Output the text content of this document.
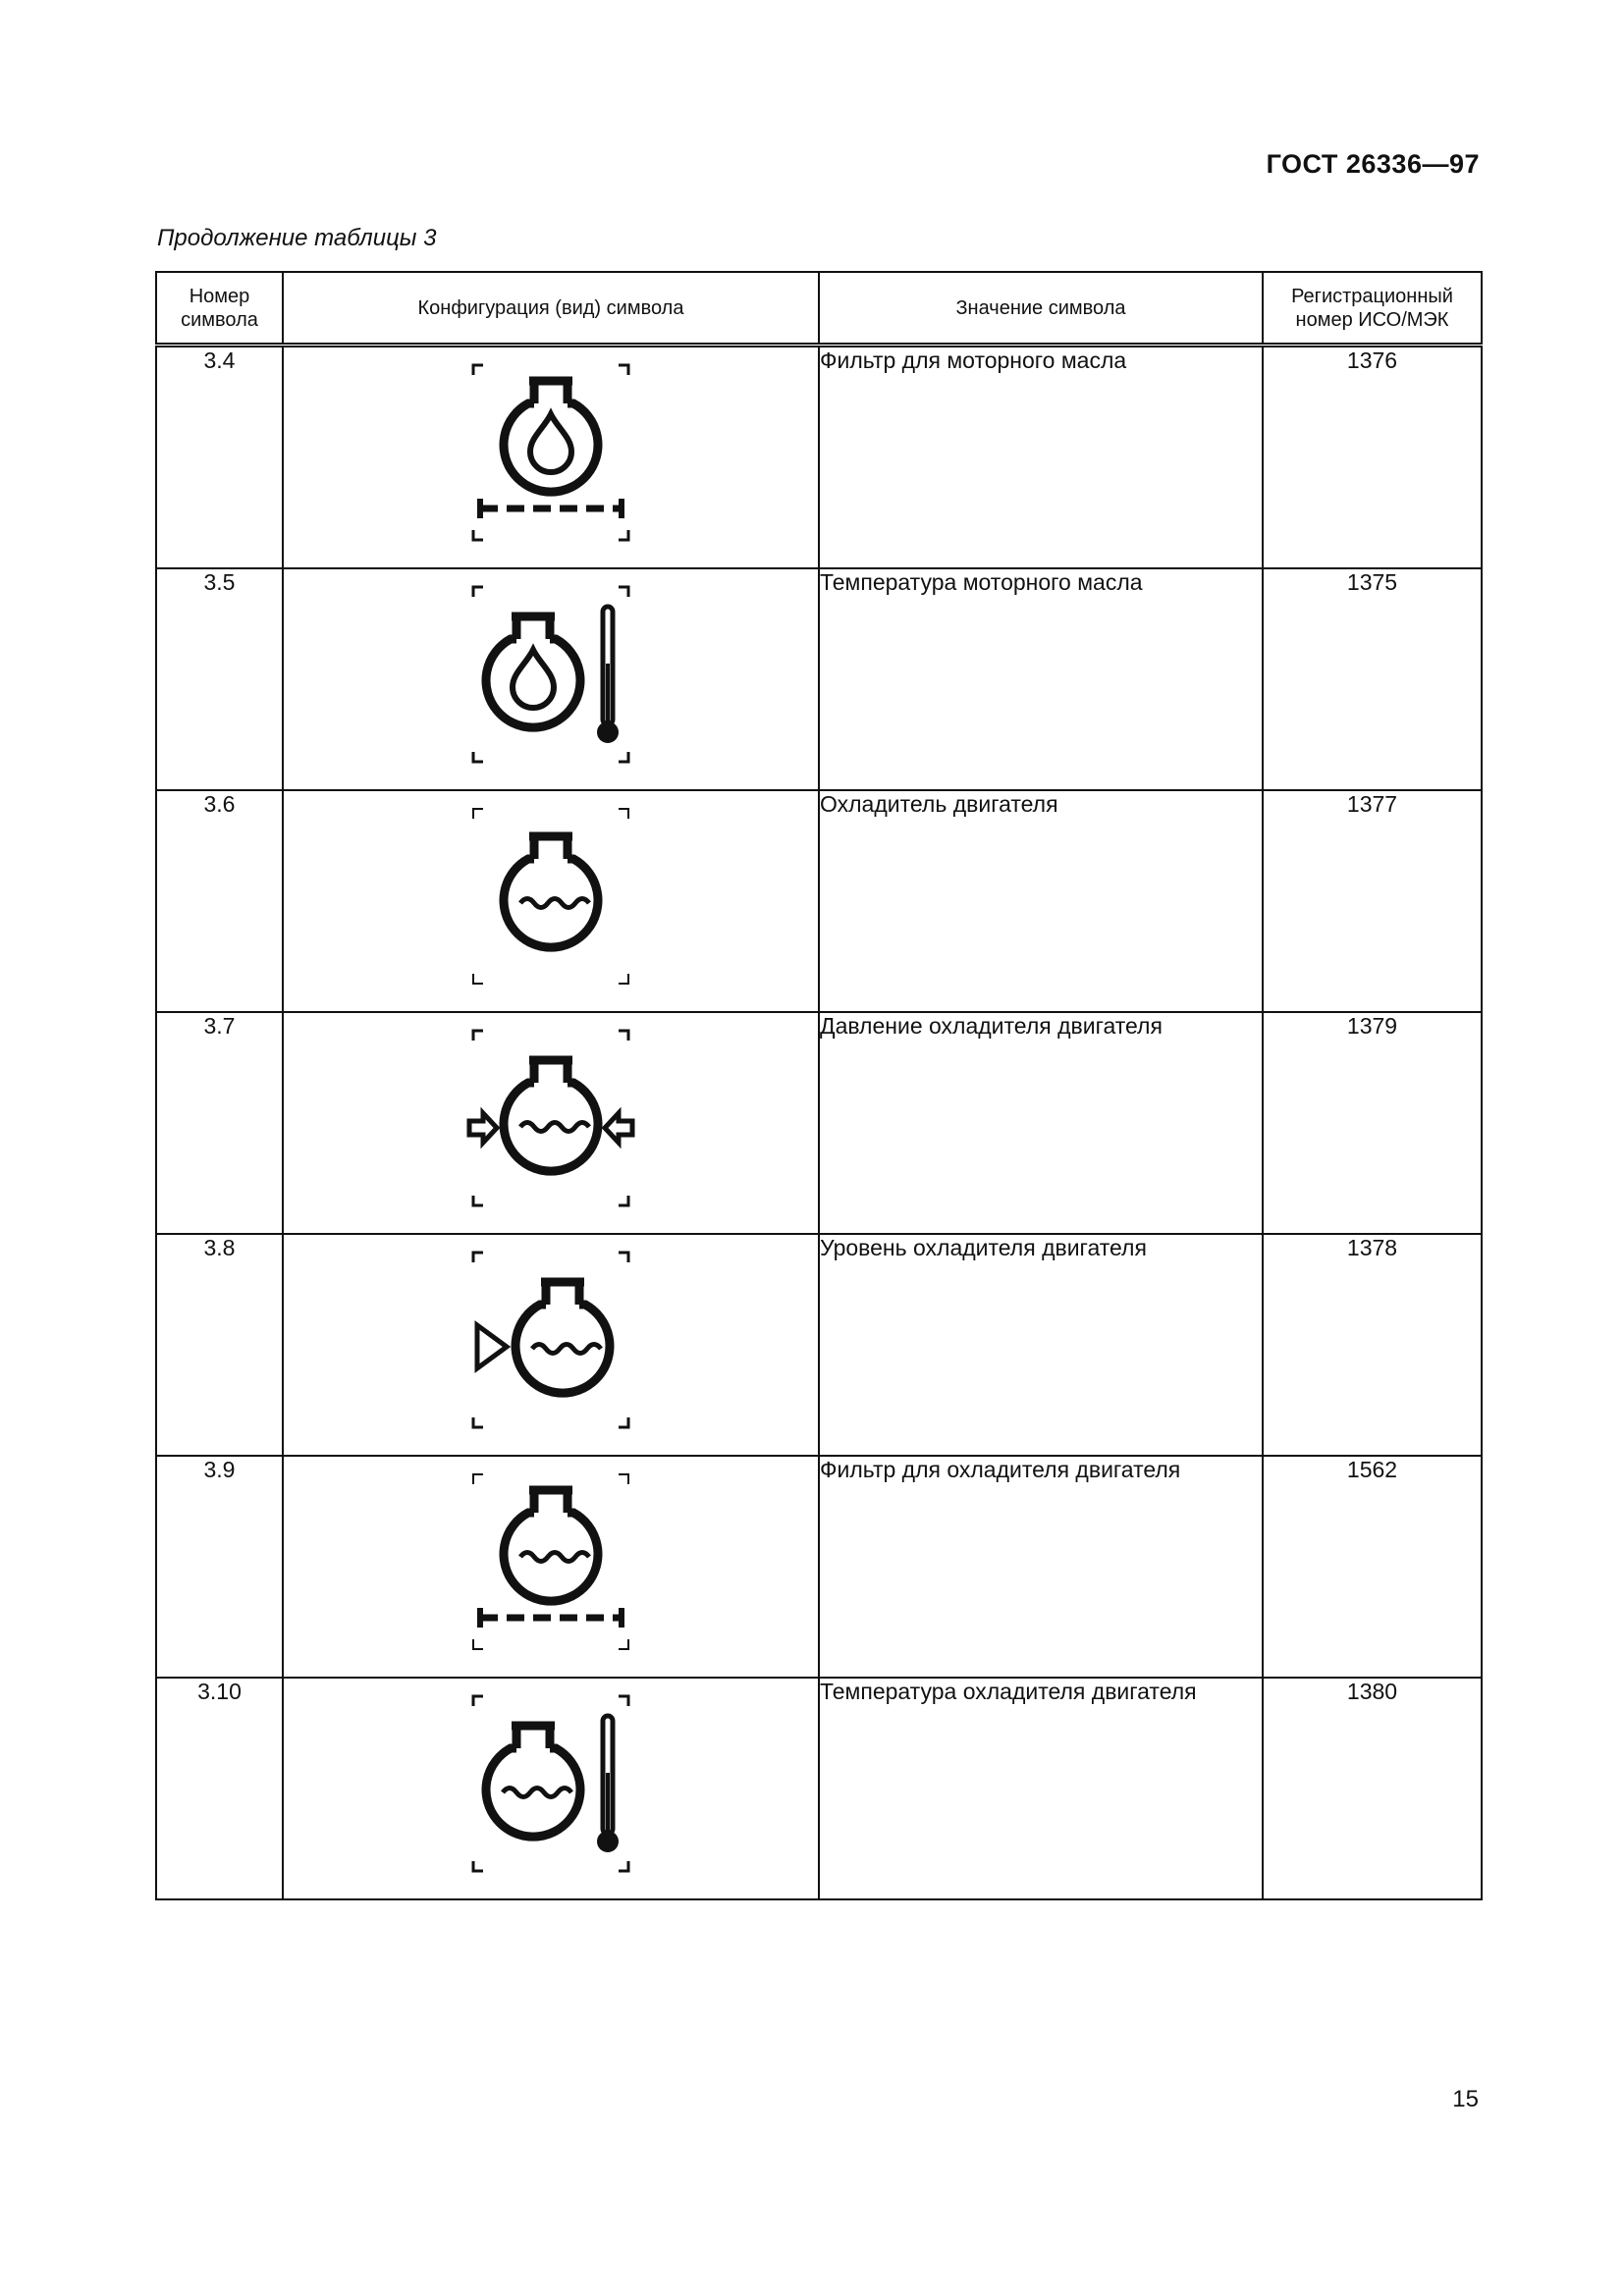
ГОСТ 26336—97
Продолжение таблицы 3
Номер символа	Конфигурация (вид) символа	Значение символа	Регистрационный номер ИСО/МЭК
3.4		Фильтр для моторного масла	1376
3.5		Температура моторного масла	1375
3.6		Охладитель двигателя	1377
3.7		Давление охладителя двигателя	1379
3.8		Уровень охладителя двигателя	1378
3.9		Фильтр для охладителя двигателя	1562
3.10		Температура охладителя двигателя	1380
15
